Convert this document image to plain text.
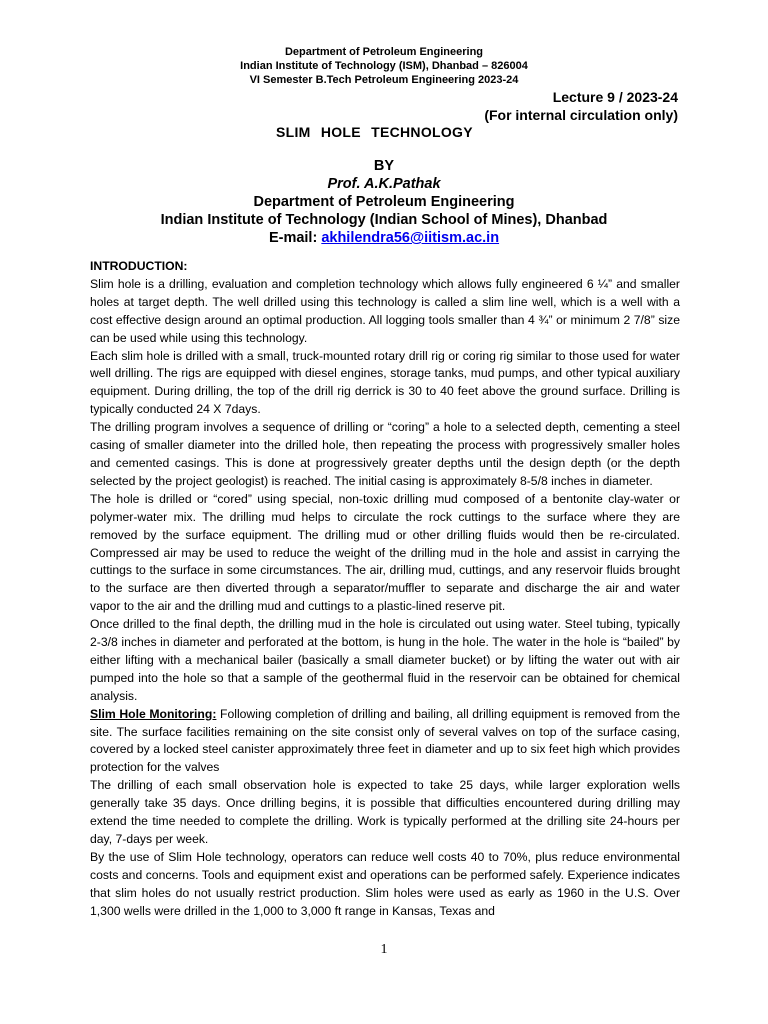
Department of Petroleum Engineering
Indian Institute of Technology (ISM), Dhanbad – 826004
VI Semester B.Tech Petroleum Engineering 2023-24
Lecture 9 / 2023-24
(For internal circulation only)
SLIM HOLE TECHNOLOGY
BY
Prof. A.K.Pathak
Department of Petroleum Engineering
Indian Institute of Technology (Indian School of Mines), Dhanbad
E-mail: akhilendra56@iitism.ac.in

INTRODUCTION:

Slim hole is a drilling, evaluation and completion technology which allows fully engineered 6 ¼” and smaller holes at target depth. The well drilled using this technology is called a slim line well, which is a well with a cost effective design around an optimal production. All logging tools smaller than 4 ¾” or minimum 2 7/8” size can be used while using this technology.

Each slim hole is drilled with a small, truck-mounted rotary drill rig or coring rig similar to those used for water well drilling. The rigs are equipped with diesel engines, storage tanks, mud pumps, and other typical auxiliary equipment. During drilling, the top of the drill rig derrick is 30 to 40 feet above the ground surface. Drilling is typically conducted 24 X 7days.

The drilling program involves a sequence of drilling or “coring” a hole to a selected depth, cementing a steel casing of smaller diameter into the drilled hole, then repeating the process with progressively smaller holes and cemented casings. This is done at progressively greater depths until the design depth (or the depth selected by the project geologist) is reached. The initial casing is approximately 8-5/8 inches in diameter.

The hole is drilled or “cored” using special, non-toxic drilling mud composed of a bentonite clay-water or polymer-water mix. The drilling mud helps to circulate the rock cuttings to the surface where they are removed by the surface equipment. The drilling mud or other drilling fluids would then be re-circulated. Compressed air may be used to reduce the weight of the drilling mud in the hole and assist in carrying the cuttings to the surface in some circumstances. The air, drilling mud, cuttings, and any reservoir fluids brought to the surface are then diverted through a separator/muffler to separate and discharge the air and water vapor to the air and the drilling mud and cuttings to a plastic-lined reserve pit.

Once drilled to the final depth, the drilling mud in the hole is circulated out using water. Steel tubing, typically 2-3/8 inches in diameter and perforated at the bottom, is hung in the hole. The water in the hole is “bailed” by either lifting with a mechanical bailer (basically a small diameter bucket) or by lifting the water out with air pumped into the hole so that a sample of the geothermal fluid in the reservoir can be obtained for chemical analysis.

Slim Hole Monitoring: Following completion of drilling and bailing, all drilling equipment is removed from the site. The surface facilities remaining on the site consist only of several valves on top of the surface casing, covered by a locked steel canister approximately three feet in diameter and up to six feet high which provides protection for the valves

The drilling of each small observation hole is expected to take 25 days, while larger exploration wells generally take 35 days. Once drilling begins, it is possible that difficulties encountered during drilling may extend the time needed to complete the drilling. Work is typically performed at the drilling site 24-hours per day, 7-days per week.

By the use of Slim Hole technology, operators can reduce well costs 40 to 70%, plus reduce environmental costs and concerns. Tools and equipment exist and operations can be performed safely. Experience indicates that slim holes do not usually restrict production. Slim holes were used as early as 1960 in the U.S. Over 1,300 wells were drilled in the 1,000 to 3,000 ft range in Kansas, Texas and

1
